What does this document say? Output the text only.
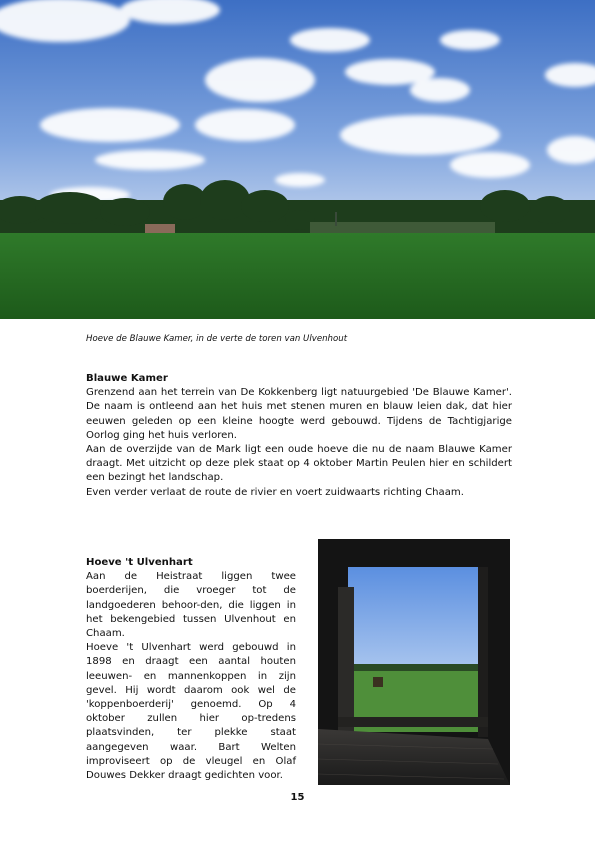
Hoeve de Blauwe Kamer, in de verte de toren van Ulvenhout
Blauwe Kamer

Grenzend aan het terrein van De Kokkenberg ligt natuurgebied 'De Blauwe Kamer'. De naam is ontleend aan het huis met stenen muren en blauw leien dak, dat hier eeuwen geleden op een kleine hoogte werd gebouwd. Tijdens de Tachtigjarige Oorlog ging het huis verloren.

Aan de overzijde van de Mark ligt een oude hoeve die nu de naam Blauwe Kamer draagt. Met uitzicht op deze plek staat op 4 oktober Martin Peulen hier en schildert een bezingt het landschap.

Even verder verlaat de route de rivier en voert zuidwaarts richting Chaam.

Hoeve 't Ulvenhart

Aan de Heistraat liggen twee boerderijen, die vroeger tot de landgoederen behoor-den, die liggen in het bekengebied tussen Ulvenhout en Chaam.

Hoeve 't Ulvenhart werd gebouwd in 1898 en draagt een aantal houten leeuwen- en mannenkoppen in zijn gevel. Hij wordt daarom ook wel de 'koppenboerderij' genoemd. Op 4 oktober zullen hier op-tredens plaatsvinden, ter plekke staat aangegeven waar. Bart Welten improviseert op de vleugel en Olaf Douwes Dekker draagt gedichten voor.

15
